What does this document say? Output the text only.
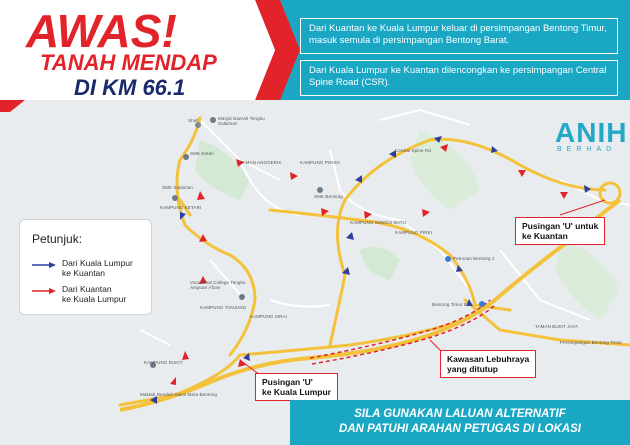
AWAS!
TANAH MENDAP
DI KM 66.1
Dari Kuantan ke Kuala Lumpur keluar di persimpangan Bentong Timur, masuk semula di persimpangan Bentong Barat.
Dari Kuala Lumpur ke Kuantan dilencongkan ke persimpangan Central Spine Road (CSR).
ANIH
BERHAD
Masjid Daerah Tengku Sulaiman
Shell
SMK Ketari
TAMAN ANGGERIK	KAMPUNG POHOI
SMK Sulaiman
KAMPUNG KETARI
SMK Bentong
KAMPUNG SUNGAI BATU
KAMPUNG PIRKI
Petronas Bentong 1
Bentong Timur Exit
Vocational College Tengku Ampuan Afzan
KAMPUNG TANJUNG
KAMPUNG SIRAI
KAMPUNG BUKIT
Maktab Rendah Sains Mara Bentong
TAMAN BUKIT JAYA
Central Spine Rd
Persimpangan Bentong Timur
Petunjuk:
Dari Kuala Lumpur
ke Kuantan
Dari Kuantan
ke Kuala Lumpur
Pusingan 'U' untuk
ke Kuantan
Kawasan Lebuhraya
yang ditutup
Pusingan 'U'
ke Kuala Lumpur
SILA GUNAKAN LALUAN ALTERNATIF
DAN PATUHI ARAHAN PETUGAS DI LOKASI
